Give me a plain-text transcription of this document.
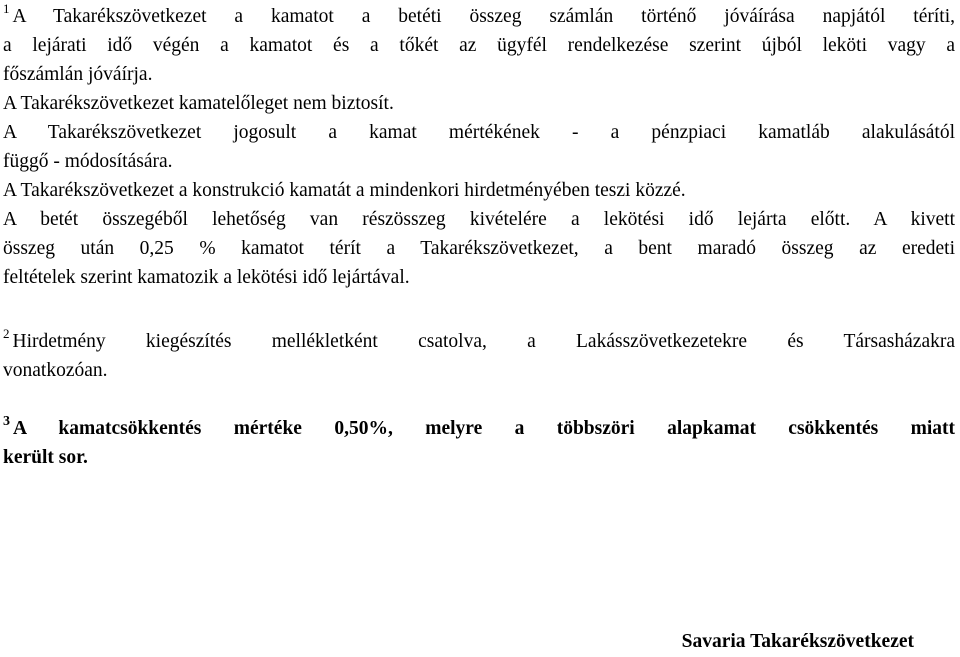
$^1$ A Takarékszövetkezet a kamatot a betéti összeg számlán történő jóváírása napjától téríti,
a lejárati idő végén a kamatot és a tőkét az ügyfél rendelkezése szerint újból leköti vagy a
főszámlán jóváírja.
A Takarékszövetkezet kamatelőleget nem biztosít.
A Takarékszövetkezet jogosult a kamat mértékének - a pénzpiaci kamatláb alakulásától
függő - módosítására.
A Takarékszövetkezet a konstrukció kamatát a mindenkori hirdetményében teszi közzé.
A betét összegéből lehetőség van részösszeg kivételére a lekötési idő lejárta előtt. A kivett
összeg után 0,25 % kamatot térít a Takarékszövetkezet, a bent maradó összeg az eredeti
feltételek szerint kamatozik a lekötési idő lejártával.
$^2$ Hirdetmény kiegészítés mellékletként csatolva, a Lakásszövetkezetekre és Társasházakra
vonatkozóan.
$^3$ A kamatcsökkentés mértéke 0,50%, melyre a többszöri alapkamat csökkentés miatt
került sor.
Savaria Takarékszövetkezet
